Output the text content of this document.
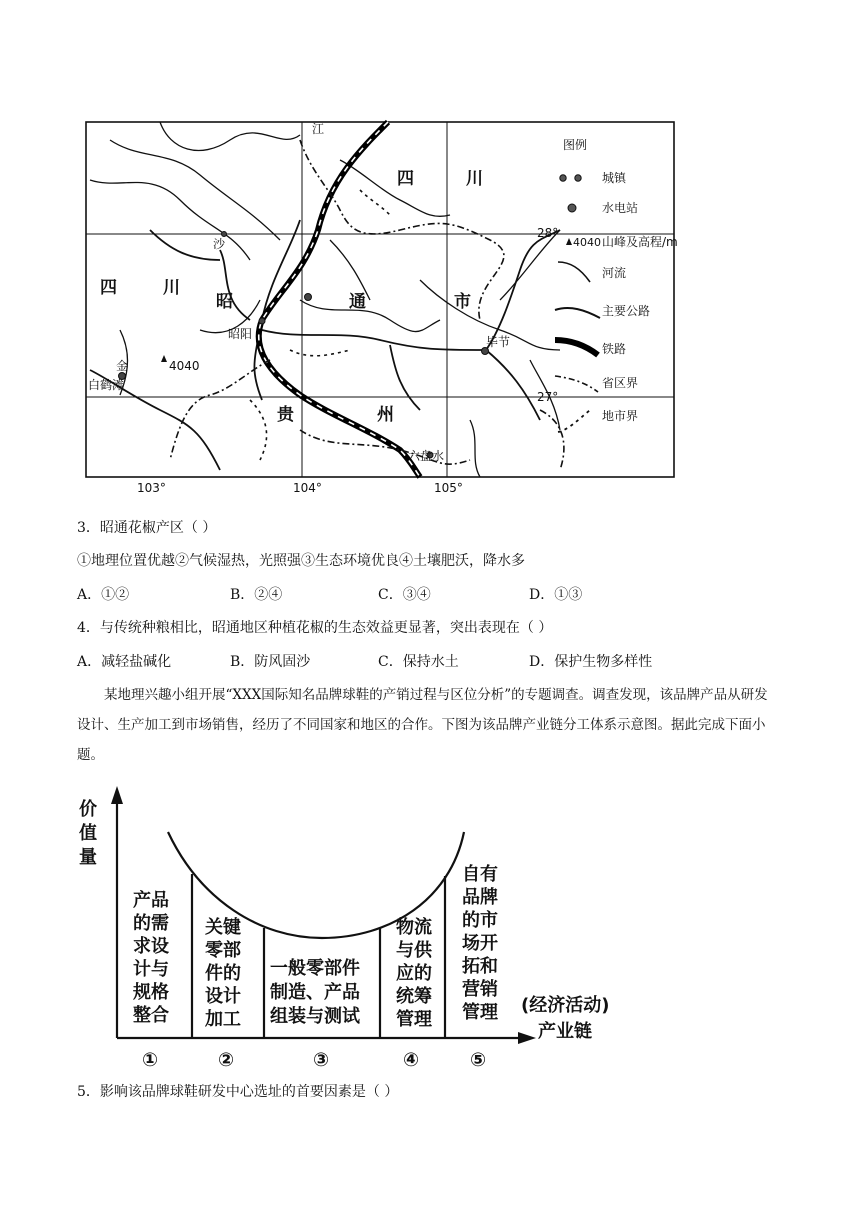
江
四	川
四	川
昭	通	市
沙
昭阳
毕节
金
白鹤滩
4040
贵	州
六盘水
28°
27°
103°	104°	105°
图例
城镇
水电站
4040 山峰及高程/m
河流
主要公路
铁路
省区界
地市界
3．昭通花椒产区（ ）
①地理位置优越②气候湿热，光照强③生态环境优良④土壤肥沃，降水多
A．①②	B．②④	C．③④	D．①③
4．与传统种粮相比，昭通地区种植花椒的生态效益更显著，突出表现在（ ）
A．减轻盐碱化	B．防风固沙	C．保持水土	D．保护生物多样性
某地理兴趣小组开展“XXX国际知名品牌球鞋的产销过程与区位分析”的专题调查。调查发现，该品牌产品从研发设计、生产加工到市场销售，经历了不同国家和地区的合作。下图为该品牌产业链分工体系示意图。据此完成下面小题。
价
值
量
(经济活动)
产业链
产品
的需
求设
计与
规格
整合
关键
零部
件的
设计
加工
一般零部件
制造、产品
组装与测试
物流
与供
应的
统筹
管理
自有
品牌
的市
场开
拓和
营销
管理
①	②	③	④	⑤
5．影响该品牌球鞋研发中心选址的首要因素是（ ）
